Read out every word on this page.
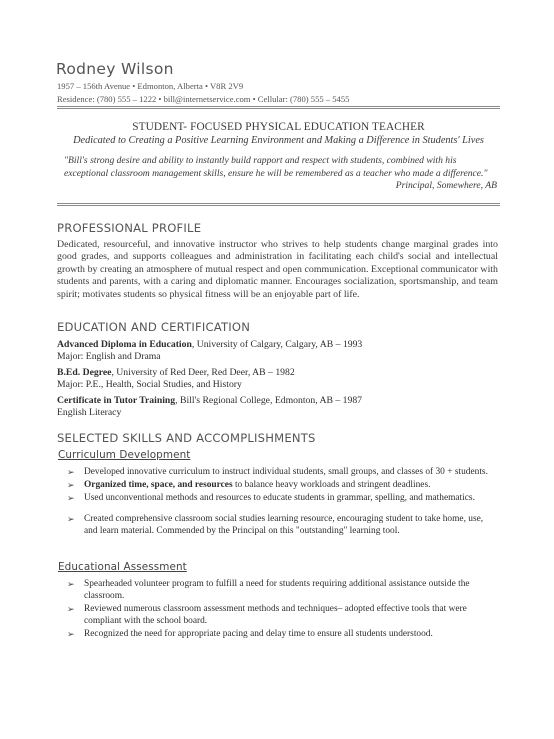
Rodney Wilson
1957 – 156th Avenue • Edmonton, Alberta • V8R 2V9
Residence: (780) 555 – 1222 • bill@internetservice.com • Cellular: (780) 555 – 5455
STUDENT- FOCUSED PHYSICAL EDUCATION TEACHER
Dedicated to Creating a Positive Learning Environment and Making a Difference in Students' Lives
"Bill's strong desire and ability to instantly build rapport and respect with students, combined with his exceptional classroom management skills, ensure he will be remembered as a teacher who made a difference."
Principal, Somewhere, AB
PROFESSIONAL PROFILE
Dedicated, resourceful, and innovative instructor who strives to help students change marginal grades into good grades, and supports colleagues and administration in facilitating each child's social and intellectual growth by creating an atmosphere of mutual respect and open communication. Exceptional communicator with students and parents, with a caring and diplomatic manner. Encourages socialization, sportsmanship, and team spirit; motivates students so physical fitness will be an enjoyable part of life.
EDUCATION AND CERTIFICATION
Advanced Diploma in Education, University of Calgary, Calgary, AB – 1993
Major: English and Drama
B.Ed. Degree, University of Red Deer, Red Deer, AB – 1982
Major: P.E., Health, Social Studies, and History
Certificate in Tutor Training, Bill's Regional College, Edmonton, AB – 1987
English Literacy
SELECTED SKILLS AND ACCOMPLISHMENTS
Curriculum Development
➢ Developed innovative curriculum to instruct individual students, small groups, and classes of 30 + students.
➢ Organized time, space, and resources to balance heavy workloads and stringent deadlines.
➢ Used unconventional methods and resources to educate students in grammar, spelling, and mathematics.
➢ Created comprehensive classroom social studies learning resource, encouraging student to take home, use, and learn material. Commended by the Principal on this "outstanding" learning tool.
Educational Assessment
➢ Spearheaded volunteer program to fulfill a need for students requiring additional assistance outside the classroom.
➢ Reviewed numerous classroom assessment methods and techniques– adopted effective tools that were compliant with the school board.
➢ Recognized the need for appropriate pacing and delay time to ensure all students understood.
